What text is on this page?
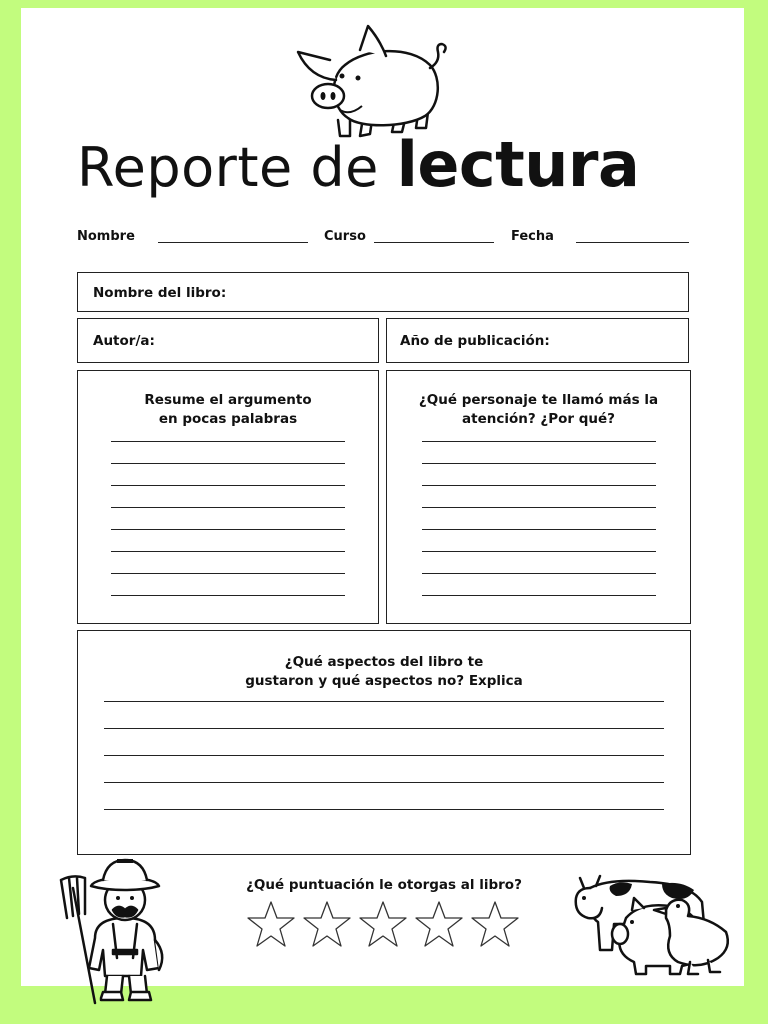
Reporte de lectura
Nombre	Curso	Fecha
Nombre del libro:
Autor/a:	Año de publicación:
Resume el argumento
en pocas palabras
¿Qué personaje te llamó más la
atención? ¿Por qué?
¿Qué aspectos del libro te
gustaron y qué aspectos no? Explica
¿Qué puntuación le otorgas al libro?
